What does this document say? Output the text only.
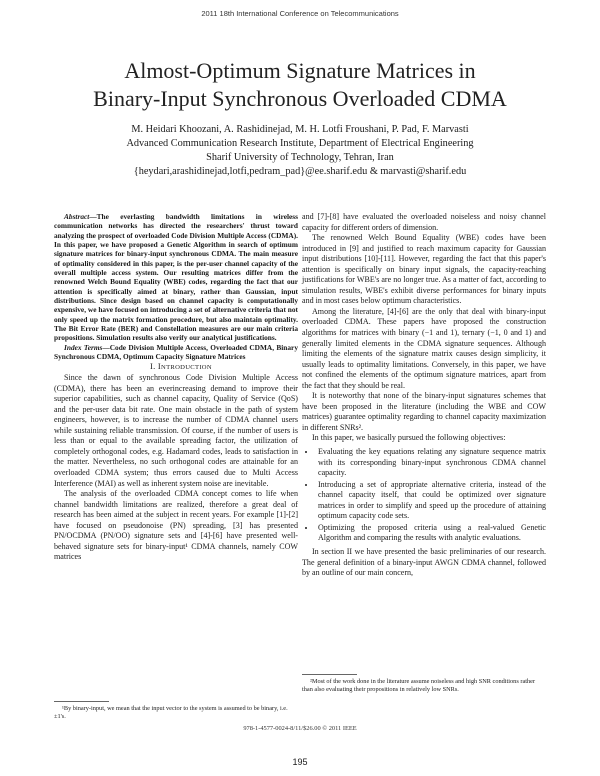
2011 18th International Conference on Telecommunications
Almost-Optimum Signature Matrices in
Binary-Input Synchronous Overloaded CDMA
M. Heidari Khoozani, A. Rashidinejad, M. H. Lotfi Froushani, P. Pad, F. Marvasti
Advanced Communication Research Institute, Department of Electrical Engineering
Sharif University of Technology, Tehran, Iran
{heydari,arashidinejad,lotfi,pedram_pad}@ee.sharif.edu & marvasti@sharif.edu

Abstract—The everlasting bandwidth limitations in wireless communication networks has directed the researchers' thrust toward analyzing the prospect of overloaded Code Division Multiple Access (CDMA). In this paper, we have proposed a Genetic Algorithm in search of optimum signature matrices for binary-input synchronous CDMA. The main measure of optimality considered in this paper, is the per-user channel capacity of the overall multiple access system. Our resulting matrices differ from the renowned Welch Bound Equality (WBE) codes, regarding the fact that our attention is specifically aimed at binary, rather than Gaussian, input distributions. Since design based on channel capacity is computationally expensive, we have focused on introducing a set of alternative criteria that not only speed up the matrix formation procedure, but also maintain optimality. The Bit Error Rate (BER) and Constellation measures are our main criteria propositions. Simulation results also verify our analytical justifications.

Index Terms—Code Division Multiple Access, Overloaded CDMA, Binary Synchronous CDMA, Optimum Capacity Signature Matrices

I. INTRODUCTION

Since the dawn of synchronous Code Division Multiple Access (CDMA), there has been an everincreasing demand to improve their superior capabilities, such as channel capacity, Quality of Service (QoS) and the per-user data bit rate. One main obstacle in the path of system engineers, however, is to increase the number of CDMA channel users while sustaining reliable transmission. Of course, if the number of users is less than or equal to the available spreading factor, the utilization of completely orthogonal codes, e.g. Hadamard codes, leads to satisfaction in the matter. Nevertheless, no such orthogonal codes are attainable for an overloaded CDMA system; thus errors caused due to Multi Access Interference (MAI) as well as inherent system noise are inevitable.

The analysis of the overloaded CDMA concept comes to life when channel bandwidth limitations are realized, therefore a great deal of research has been aimed at the subject in recent years. For example [1]-[2] have focused on pseudonoise (PN) spreading, [3] has presented PN/OCDMA (PN/OO) signature sets and [4]-[6] have presented well-behaved signature sets for binary-input¹ CDMA channels, namely COW matrices

¹By binary-input, we mean that the input vector to the system is assumed to be binary, i.e. ±1's.

and [7]-[8] have evaluated the overloaded noiseless and noisy channel capacity for different orders of dimension.

The renowned Welch Bound Equality (WBE) codes have been introduced in [9] and justified to reach maximum capacity for Gaussian input distributions [10]-[11]. However, regarding the fact that this paper's attention is specifically on binary input signals, the capacity-reaching justifications for WBE's are no longer true. As a matter of fact, according to simulation results, WBE's exhibit diverse performances for binary inputs and in most cases below optimum characteristics.

Among the literature, [4]-[6] are the only that deal with binary-input overloaded CDMA. These papers have proposed the construction algorithms for matrices with binary (−1 and 1), ternary (−1, 0 and 1) and generally limited elements in the CDMA signature sequences. Although limiting the elements of the signature matrix causes design simplicity, it usually leads to optimality limitations. Conversely, in this paper, we have not confined the elements of the optimum signature matrices, apart from the fact that they should be real.

It is noteworthy that none of the binary-input signatures schemes that have been proposed in the literature (including the WBE and COW matrices) guarantee optimality regarding to channel capacity maximization in different SNRs².

In this paper, we basically pursued the following objectives:

• Evaluating the key equations relating any signature sequence matrix with its corresponding binary-input synchronous CDMA channel capacity.
• Introducing a set of appropriate alternative criteria, instead of the channel capacity itself, that could be optimized over signature matrices in order to simplify and speed up the procedure of attaining optimum capacity code sets.
• Optimizing the proposed criteria using a real-valued Genetic Algorithm and comparing the results with analytic evaluations.

In section II we have presented the basic preliminaries of our research. The general definition of a binary-input AWGN CDMA channel, followed by an outline of our main concern,

²Most of the work done in the literature assume noiseless and high SNR conditions rather than also evaluating their propositions in relatively low SNRs.
978-1-4577-0024-8/11/$26.00 © 2011 IEEE
195
